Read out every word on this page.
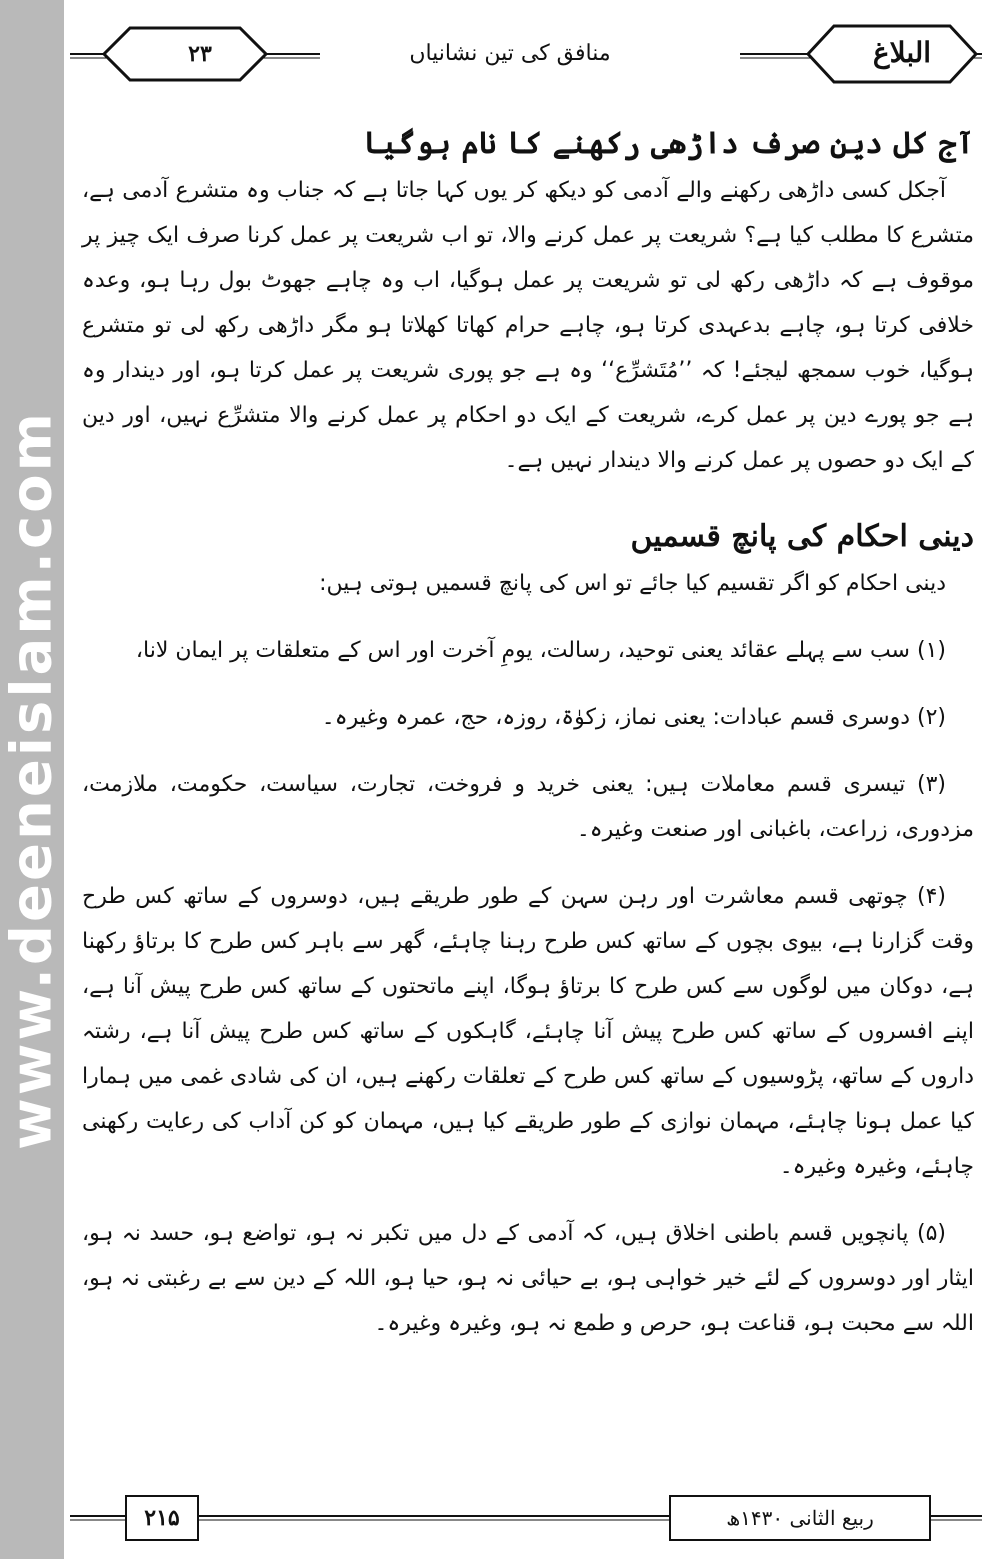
www.deeneislam.com
۲۳	منافق کی تین نشانیاں	البلاغ
آج کل دین صرف داڑھی رکھنے کا نام ہوگیا

آجکل کسی داڑھی رکھنے والے آدمی کو دیکھ کر یوں کہا جاتا ہے کہ جناب وہ متشرع آدمی ہے، متشرع کا مطلب کیا ہے؟ شریعت پر عمل کرنے والا، تو اب شریعت پر عمل کرنا صرف ایک چیز پر موقوف ہے کہ داڑھی رکھ لی تو شریعت پر عمل ہوگیا، اب وہ چاہے جھوٹ بول رہا ہو، وعدہ خلافی کرتا ہو، چاہے بدعہدی کرتا ہو، چاہے حرام کھاتا کھلاتا ہو مگر داڑھی رکھ لی تو متشرع ہوگیا، خوب سمجھ لیجئے! کہ ’’مُتَشرِّع‘‘ وہ ہے جو پوری شریعت پر عمل کرتا ہو، اور دیندار وہ ہے جو پورے دین پر عمل کرے، شریعت کے ایک دو احکام پر عمل کرنے والا متشرِّع نہیں، اور دین کے ایک دو حصوں پر عمل کرنے والا دیندار نہیں ہے۔

دینی احکام کی پانچ قسمیں

دینی احکام کو اگر تقسیم کیا جائے تو اس کی پانچ قسمیں ہوتی ہیں:

(۱) سب سے پہلے عقائد یعنی توحید، رسالت، یومِ آخرت اور اس کے متعلقات پر ایمان لانا،

(۲) دوسری قسم عبادات: یعنی نماز، زکوٰۃ، روزہ، حج، عمرہ وغیرہ۔

(۳) تیسری قسم معاملات ہیں: یعنی خرید و فروخت، تجارت، سیاست، حکومت، ملازمت، مزدوری، زراعت، باغبانی اور صنعت وغیرہ۔

(۴) چوتھی قسم معاشرت اور رہن سہن کے طور طریقے ہیں، دوسروں کے ساتھ کس طرح وقت گزارنا ہے، بیوی بچوں کے ساتھ کس طرح رہنا چاہئے، گھر سے باہر کس طرح کا برتاؤ رکھنا ہے، دوکان میں لوگوں سے کس طرح کا برتاؤ ہوگا، اپنے ماتحتوں کے ساتھ کس طرح پیش آنا ہے، اپنے افسروں کے ساتھ کس طرح پیش آنا چاہئے، گاہکوں کے ساتھ کس طرح پیش آنا ہے، رشتہ داروں کے ساتھ، پڑوسیوں کے ساتھ کس طرح کے تعلقات رکھنے ہیں، ان کی شادی غمی میں ہمارا کیا عمل ہونا چاہئے، مہمان نوازی کے طور طریقے کیا ہیں، مہمان کو کن آداب کی رعایت رکھنی چاہئے، وغیرہ وغیرہ۔

(۵) پانچویں قسم باطنی اخلاق ہیں، کہ آدمی کے دل میں تکبر نہ ہو، تواضع ہو، حسد نہ ہو، ایثار اور دوسروں کے لئے خیر خواہی ہو، بے حیائی نہ ہو، حیا ہو، اللہ کے دین سے بے رغبتی نہ ہو، اللہ سے محبت ہو، قناعت ہو، حرص و طمع نہ ہو، وغیرہ وغیرہ۔

۲۱۵	ربیع الثانی ۱۴۳۰ھ
